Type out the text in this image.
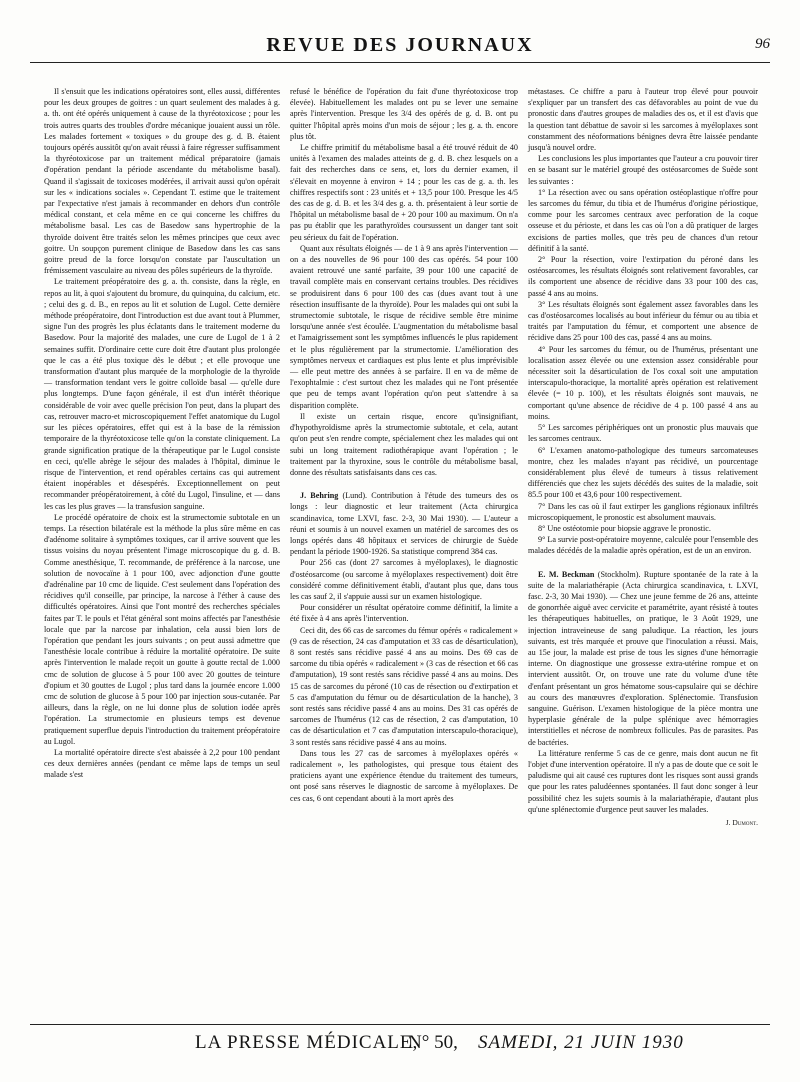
REVUE DES JOURNAUX	96

Il s'ensuit que les indications opératoires sont, elles aussi, différentes pour les deux groupes de goitres : un quart seulement des malades à g. a. th. ont été opérés uniquement à cause de la thyréotoxicose ; pour les trois autres quarts des troubles d'ordre mécanique jouaient aussi un rôle. Les malades fortement « toxiques » du groupe des g. d. B. étaient toujours opérés aussitôt qu'on avait réussi à faire régresser suffisamment la thyréotoxicose par un traitement médical préparatoire (jamais d'opération pendant la période ascendante du métabolisme basal). Quand il s'agissait de toxicoses modérées, il arrivait aussi qu'on opérait sur les « indications sociales ». Cependant T. estime que le traitement par l'expectative n'est jamais à recommander en dehors d'un contrôle médical constant, et cela même en ce qui concerne les chiffres du métabolisme basal. Les cas de Basedow sans hypertrophie de la thyroïde doivent être traités selon les mêmes principes que ceux avec goitre. Un soupçon purement clinique de Basedow dans les cas sans goitre preud de la force lorsqu'on constate par l'auscultation un frémissement vasculaire au niveau des pôles supérieurs de la thyroïde.

Le traitement préopératoire des g. a. th. consiste, dans la règle, en repos au lit, à quoi s'ajoutent du bromure, du quinquina, du calcium, etc. ; celui des g. d. B., en repos au lit et solution de Lugol. Cette dernière méthode préopératoire, dont l'introduction est due avant tout à Plummer, signe l'un des progrès les plus éclatants dans le traitement moderne du Basedow. Pour la majorité des malades, une cure de Lugol de 1 à 2 semaines suffit. D'ordinaire cette cure doit être d'autant plus prolongée que le cas a été plus toxique dès le début ; et elle provoque une transformation d'autant plus marquée de la morphologie de la thyroïde — transformation tendant vers le goitre colloïde basal — qu'elle dure plus longtemps. D'une façon générale, il est d'un intérêt théorique considérable de voir avec quelle précision l'on peut, dans la plupart des cas, retrouver macro-et microscopiquement l'effet anatomique du Lugol sur les pièces opératoires, effet qui est à la base de la rémission temporaire de la thyréotoxicose telle qu'on la constate cliniquement. La grande signification pratique de la thérapeutique par le Lugol consiste en ceci, qu'elle abrège le séjour des malades à l'hôpital, diminue le risque de l'intervention, et rend opérables certains cas qui autrement étaient inopérables et désespérés. Exceptionnellement on peut recommander préopératoirement, à côté du Lugol, l'insuline, et — dans les cas les plus graves — la transfusion sanguine.

Le procédé opératoire de choix est la strumectomie subtotale en un temps. La résection bilatérale est la méthode la plus sûre même en cas d'adénome solitaire à symptômes toxiques, car il arrive souvent que les tissus voisins du noyau présentent l'image microscopique du g. d. B. Comme anesthésique, T. recommande, de préférence à la narcose, une solution de novocaïne à 1 pour 100, avec adjonction d'une goutte d'adrénaline par 10 cmc de liquide. C'est seulement dans l'opération des récidives qu'il conseille, par principe, la narcose à l'éther à cause des difficultés opératoires. Ainsi que l'ont montré des recherches spéciales faites par T. le pouls et l'état général sont moins affectés par l'anesthésie locale que par la narcose par inhalation, cela aussi bien lors de l'opération que pendant les jours suivants ; on peut aussi admettre que l'anesthésie locale contribue à réduire la mortalité opératoire. De suite après l'intervention le malade reçoit un goutte à goutte rectal de 1.000 cmc de solution de glucose à 5 pour 100 avec 20 gouttes de teinture d'opium et 30 gouttes de Lugol ; plus tard dans la journée encore 1.000 cmc de solution de glucose à 5 pour 100 par injection sous-cutanée. Par ailleurs, dans la règle, on ne lui donne plus de solution iodée après l'opération. La strumectomie en plusieurs temps est devenue pratiquement superflue depuis l'introduction du traitement préopératoire au Lugol.

La mortalité opératoire directe s'est abaissée à 2,2 pour 100 pendant ces deux dernières années (pendant ce même laps de temps un seul malade s'est

refusé le bénéfice de l'opération du fait d'une thyréotoxicose trop élevée). Habituellement les malades ont pu se lever une semaine après l'intervention. Presque les 3/4 des opérés de g. d. B. ont pu quitter l'hôpital après moins d'un mois de séjour ; les g. a. th. encore plus tôt.

Le chiffre primitif du métabolisme basal a été trouvé réduit de 40 unités à l'examen des malades atteints de g. d. B. chez lesquels on a fait des recherches dans ce sens, et, lors du dernier examen, il s'élevait en moyenne à environ + 14 ; pour les cas de g. a. th. les chiffres respectifs sont : 23 unités et + 13,5 pour 100. Presque les 4/5 des cas de g. d. B. et les 3/4 des g. a. th. présentaient à leur sortie de l'hôpital un métabolisme basal de + 20 pour 100 au maximum. On n'a pas pu établir que les parathyroïdes coursussent un danger tant soit peu sérieux du fait de l'opération.

Quant aux résultats éloignés — de 1 à 9 ans après l'intervention — on a des nouvelles de 96 pour 100 des cas opérés. 54 pour 100 avaient retrouvé une santé parfaite, 39 pour 100 une capacité de travail complète mais en conservant certains troubles. Des récidives se produisirent dans 6 pour 100 des cas (dues avant tout à une résection insuffisante de la thyroïde). Pour les malades qui ont subi la strumectomie subtotale, le risque de récidive semble être minime lorsqu'une année s'est écoulée. L'augmentation du métabolisme basal et l'amaigrissement sont les symptômes influencés le plus rapidement et le plus régulièrement par la strumectomie. L'amélioration des symptômes nerveux et cardiaques est plus lente et plus imprévisible — elle peut mettre des années à se parfaire. Il en va de même de l'exophtalmie : c'est surtout chez les malades qui ne l'ont présentée que peu de temps avant l'opération qu'on peut s'attendre à sa disparition complète.

Il existe un certain risque, encore qu'insignifiant, d'hypothyroïdisme après la strumectomie subtotale, et cela, autant qu'on peut s'en rendre compte, spécialement chez les malades qui ont subi un long traitement radiothérapique avant l'opération ; le traitement par la thyroxine, sous le contrôle du métabolisme basal, donne des résultats satisfaisants dans ces cas.

J. Behring (Lund). Contribution à l'étude des tumeurs des os longs : leur diagnostic et leur traitement (Acta chirurgica scandinavica, tome LXVI, fasc. 2-3, 30 Mai 1930). — L'auteur a réuni et soumis à un nouvel examen un matériel de sarcomes des os longs opérés dans 48 hôpitaux et services de chirurgie de Suède pendant la période 1900-1926. Sa statistique comprend 384 cas.

Pour 256 cas (dont 27 sarcomes à myéloplaxes), le diagnostic d'ostéosarcome (ou sarcome à myéloplaxes respectivement) doit être considéré comme définitivement établi, d'autant plus que, dans tous les cas sauf 2, il s'appuie aussi sur un examen histologique.

Pour considérer un résultat opératoire comme définitif, la limite a été fixée à 4 ans après l'intervention.

Ceci dit, des 66 cas de sarcomes du fémur opérés « radicalement » (9 cas de résection, 24 cas d'amputation et 33 cas de désarticulation), 8 sont restés sans récidive passé 4 ans au moins. Des 69 cas de sarcome du tibia opérés « radicalement » (3 cas de résection et 66 cas d'amputation), 19 sont restés sans récidive passé 4 ans au moins. Des 15 cas de sarcomes du péroné (10 cas de résection ou d'extirpation et 5 cas d'amputation du fémur ou de désarticulation de la hanche), 3 sont restés sans récidive passé 4 ans au moins. Des 31 cas opérés de sarcomes de l'humérus (12 cas de résection, 2 cas d'amputation, 10 cas de désarticulation et 7 cas d'amputation interscapulo-thoracique), 3 sont restés sans récidive passé 4 ans au moins.

Dans tous les 27 cas de sarcomes à myéloplaxes opérés « radicalement », les pathologistes, qui presque tous étaient des praticiens ayant une expérience étendue du traitement des tumeurs, ont posé sans réserves le diagnostic de sarcome à myéloplaxes. De ces cas, 6 ont cependant abouti à la mort après des

métastases. Ce chiffre a paru à l'auteur trop élevé pour pouvoir s'expliquer par un transfert des cas défavorables au point de vue du pronostic dans d'autres groupes de maladies des os, et il est d'avis que la question tant débattue de savoir si les sarcomes à myéloplaxes sont constamment des néoformations bénignes devra être laissée pendante jusqu'à nouvel ordre.

Les conclusions les plus importantes que l'auteur a cru pouvoir tirer en se basant sur le matériel groupé des ostéosarcomes de Suède sont les suivantes :

1° La résection avec ou sans opération ostéoplastique n'offre pour les sarcomes du fémur, du tibia et de l'humérus d'origine périostique, comme pour les sarcomes centraux avec perforation de la coque osseuse et du périoste, et dans les cas où l'on a dû pratiquer de larges excisions de parties molles, que très peu de chances d'un retour définitif à la santé.

2° Pour la résection, voire l'extirpation du péroné dans les ostéosarcomes, les résultats éloignés sont relativement favorables, car ils comportent une absence de récidive dans 33 pour 100 des cas, passé 4 ans au moins.

3° Les résultats éloignés sont également assez favorables dans les cas d'ostéosarcomes localisés au bout inférieur du fémur ou au tibia et traités par l'amputation du fémur, et comportent une absence de récidive dans 25 pour 100 des cas, passé 4 ans au moins.

4° Pour les sarcomes du fémur, ou de l'humérus, présentant une localisation assez élevée ou une extension assez considérable pour nécessiter soit la désarticulation de l'os coxal soit une amputation interscapulo-thoracique, la mortalité après opération est relativement élevée (= 10 p. 100), et les résultats éloignés sont mauvais, ne comportant qu'une absence de récidive de 4 p. 100 passé 4 ans au moins.

5° Les sarcomes périphériques ont un pronostic plus mauvais que les sarcomes centraux.

6° L'examen anatomo-pathologique des tumeurs sarcomateuses montre, chez les malades n'ayant pas récidivé, un pourcentage considérablement plus élevé de tumeurs à tissus relativement différenciés que chez les sujets décédés des suites de la maladie, soit 85.5 pour 100 et 43,6 pour 100 respectivement.

7° Dans les cas où il faut extirper les ganglions régionaux infiltrés microscopiquement, le pronostic est absolument mauvais.

8° Une ostéotomie pour biopsie aggrave le pronostic.

9° La survie post-opératoire moyenne, calculée pour l'ensemble des malades décédés de la maladie après opération, est de un an environ.

E. M. Beckman (Stockholm). Rupture spontanée de la rate à la suite de la malariathérapie (Acta chirurgica scandinavica, t. LXVI, fasc. 2-3, 30 Mai 1930). — Chez une jeune femme de 26 ans, atteinte de gonorrhée aiguë avec cervicite et paramétrite, ayant résisté à toutes les thérapeutiques habituelles, on pratique, le 3 Août 1929, une injection intraveineuse de sang paludique. La réaction, les jours suivants, est très marquée et prouve que l'inoculation a réussi. Mais, au 15e jour, la malade est prise de tous les signes d'une hémorragie interne. On diagnostique une grossesse extra-utérine rompue et on intervient aussitôt. Or, on trouve une rate du volume d'une tête d'enfant présentant un gros hématome sous-capsulaire qui se déchire au cours des manœuvres d'exploration. Splénectomie. Transfusion sanguine. Guérison. L'examen histologique de la pièce montra une hyperplasie générale de la pulpe splénique avec hémorragies interstitielles et nécrose de nombreux follicules. Pas de parasites. Pas de bactéries.

La littérature renferme 5 cas de ce genre, mais dont aucun ne fit l'objet d'une intervention opératoire. Il n'y a pas de doute que ce soit le paludisme qui ait causé ces ruptures dont les risques sont aussi grands que pour les rates paludéennes spontanées. Il faut donc songer à leur possibilité chez les sujets soumis à la malariathérapie, d'autant plus qu'une splénectomie d'urgence peut sauver les malades.

J. Dumont.
LA PRESSE MÉDICALE,
N° 50, SAMEDI, 21 JUIN 1930
